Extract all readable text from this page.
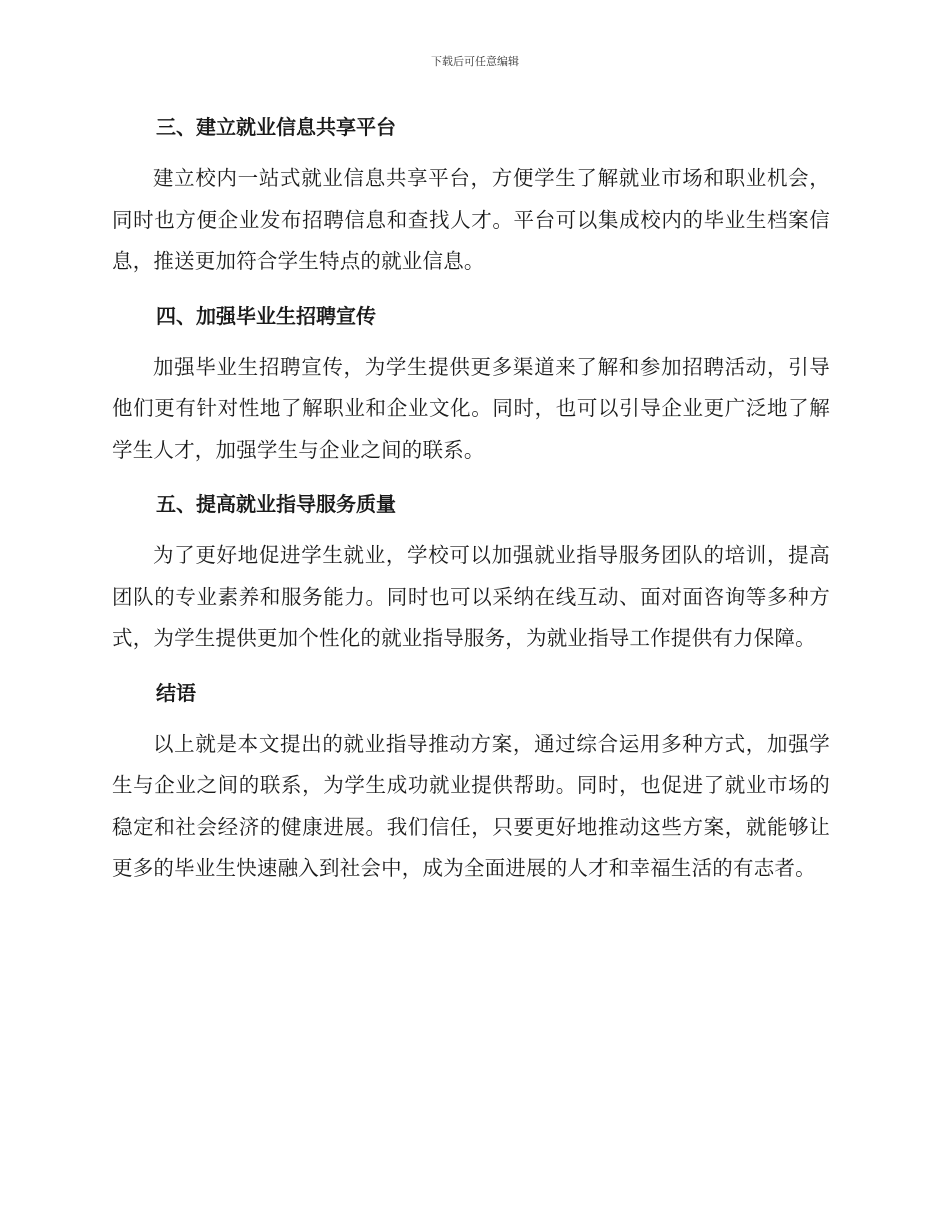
下载后可任意编辑
三、建立就业信息共享平台

建立校内一站式就业信息共享平台，方便学生了解就业市场和职业机会，同时也方便企业发布招聘信息和查找人才。平台可以集成校内的毕业生档案信息，推送更加符合学生特点的就业信息。

四、加强毕业生招聘宣传

加强毕业生招聘宣传，为学生提供更多渠道来了解和参加招聘活动，引导他们更有针对性地了解职业和企业文化。同时，也可以引导企业更广泛地了解学生人才，加强学生与企业之间的联系。

五、提高就业指导服务质量

为了更好地促进学生就业，学校可以加强就业指导服务团队的培训，提高团队的专业素养和服务能力。同时也可以采纳在线互动、面对面咨询等多种方式，为学生提供更加个性化的就业指导服务，为就业指导工作提供有力保障。

结语

以上就是本文提出的就业指导推动方案，通过综合运用多种方式，加强学生与企业之间的联系，为学生成功就业提供帮助。同时，也促进了就业市场的稳定和社会经济的健康进展。我们信任，只要更好地推动这些方案，就能够让更多的毕业生快速融入到社会中，成为全面进展的人才和幸福生活的有志者。
